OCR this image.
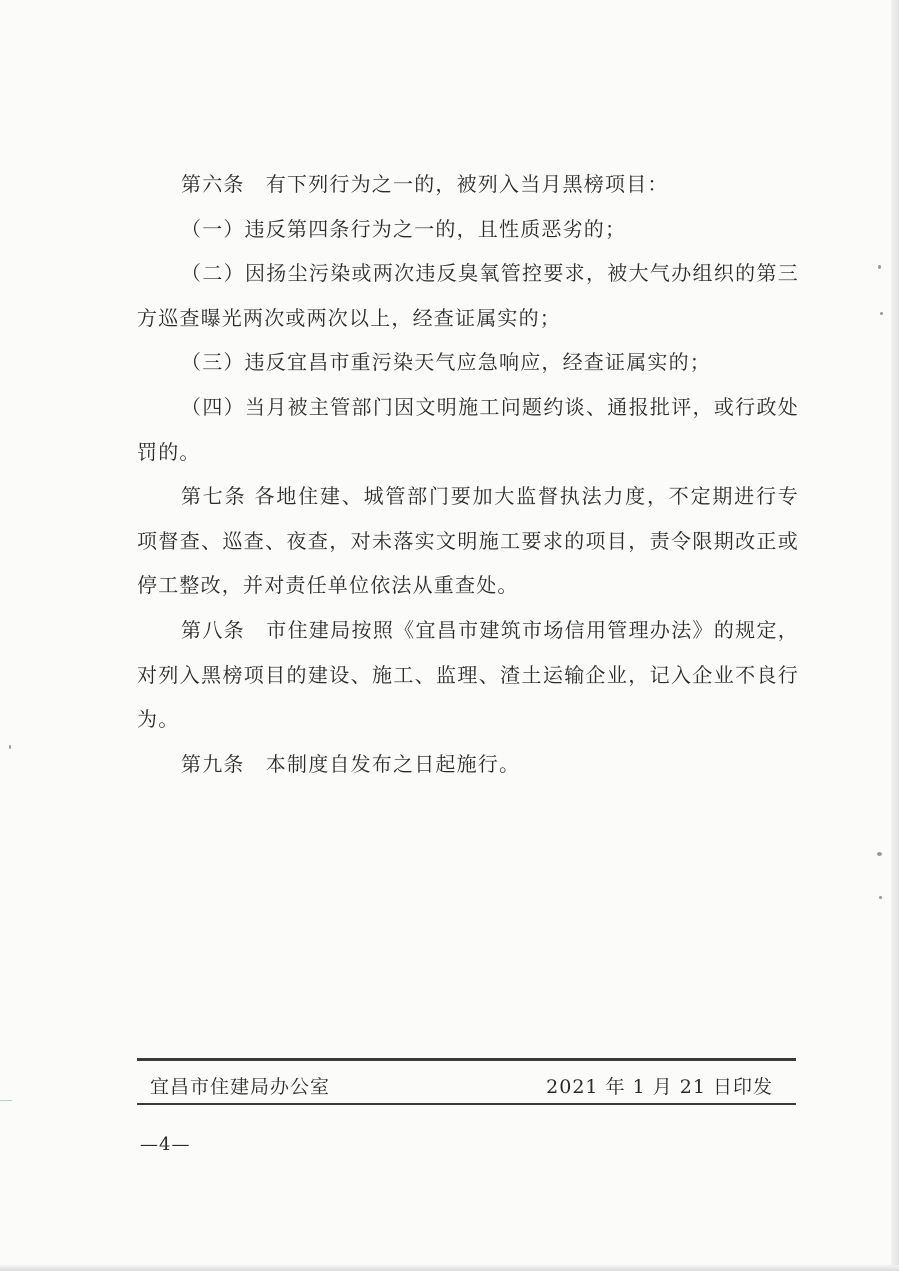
第六条　有下列行为之一的，被列入当月黑榜项目：

（一）违反第四条行为之一的，且性质恶劣的；

（二）因扬尘污染或两次违反臭氧管控要求，被大气办组织的第三方巡查曝光两次或两次以上，经查证属实的；

（三）违反宜昌市重污染天气应急响应，经查证属实的；

（四）当月被主管部门因文明施工问题约谈、通报批评，或行政处罚的。

第七条 各地住建、城管部门要加大监督执法力度，不定期进行专项督查、巡查、夜查，对未落实文明施工要求的项目，责令限期改正或停工整改，并对责任单位依法从重查处。

第八条　市住建局按照《宜昌市建筑市场信用管理办法》的规定，对列入黑榜项目的建设、施工、监理、渣土运输企业，记入企业不良行为。

第九条　本制度自发布之日起施行。

宜昌市住建局办公室	2021 年 1 月 21 日印发
—4—
